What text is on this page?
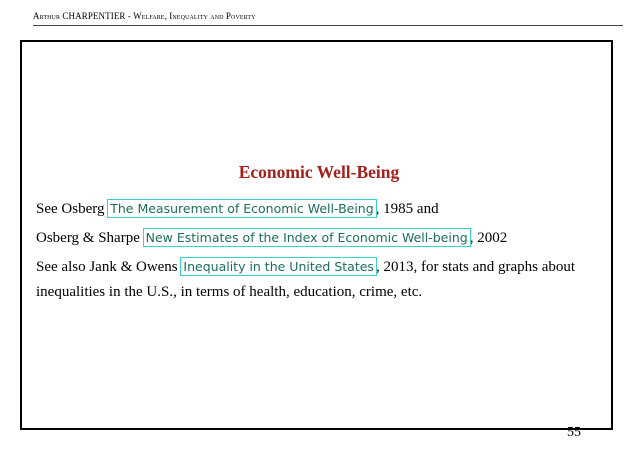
Arthur CHARPENTIER - Welfare, Inequality and Poverty
Economic Well-Being
See Osberg The Measurement of Economic Well-Being , 1985 and
Osberg & Sharpe New Estimates of the Index of Economic Well-being , 2002
See also Jank & Owens Inequality in the United States , 2013, for stats and graphs about inequalities in the U.S., in terms of health, education, crime, etc.
55
